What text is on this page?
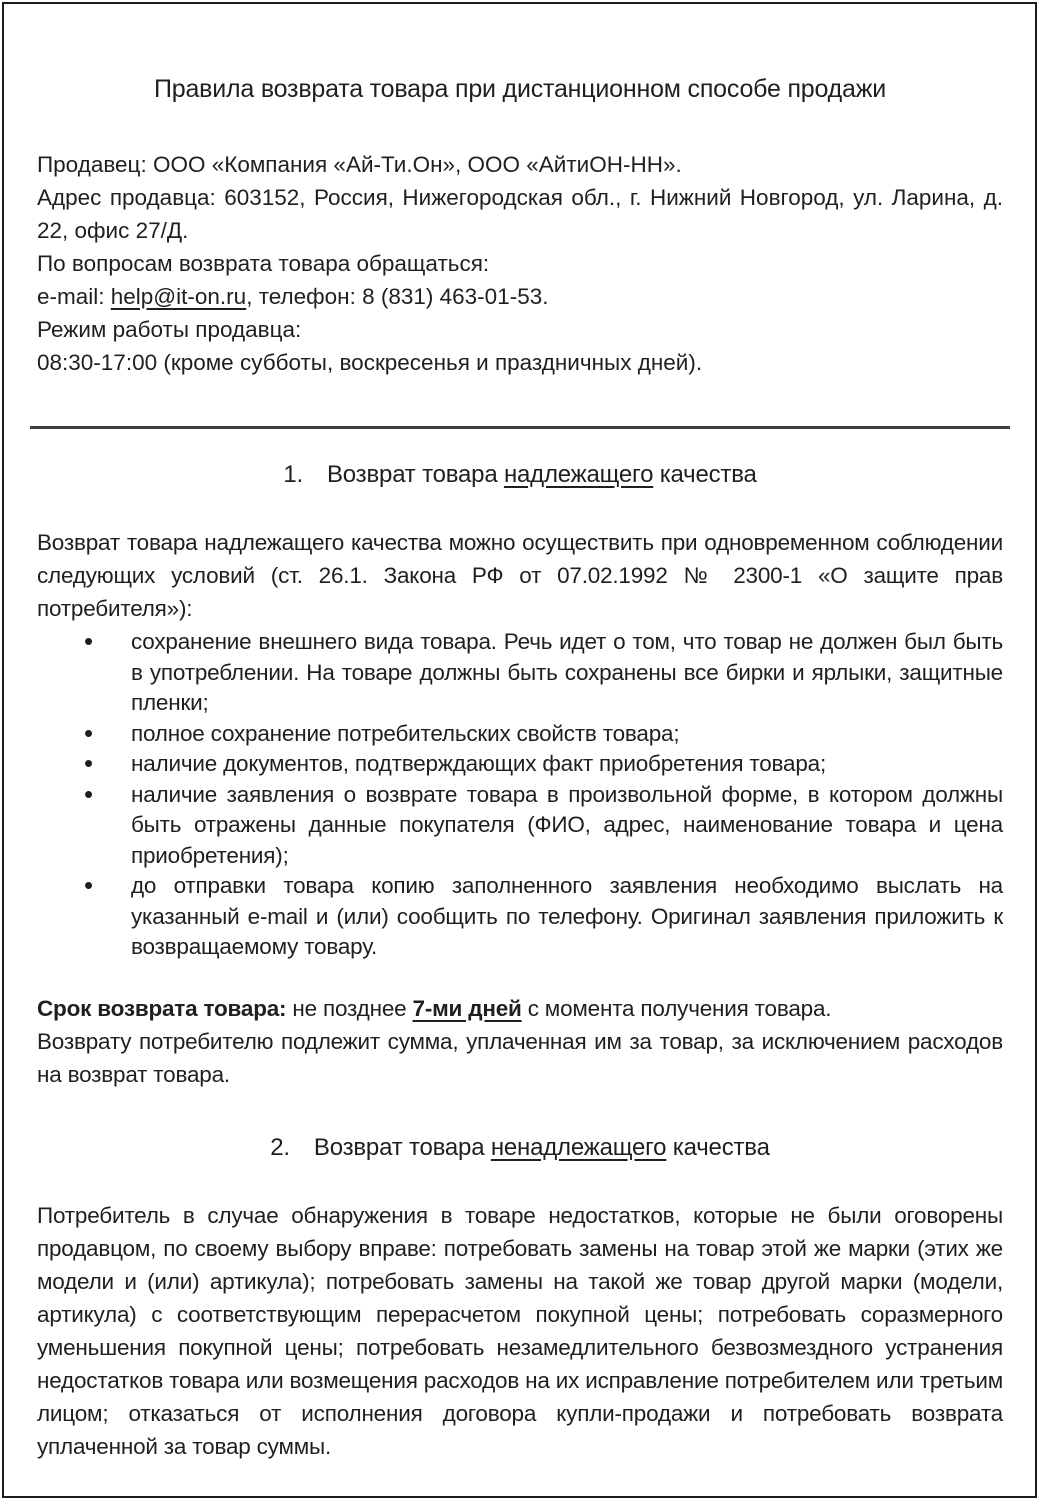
Правила возврата товара при дистанционном способе продажи

Продавец: ООО «Компания «Ай-Ти.Он», ООО «АйтиОН-НН».

Адрес продавца: 603152, Россия, Нижегородская обл., г. Нижний Новгород, ул. Ларина, д. 22, офис 27/Д.

По вопросам возврата товара обращаться:

e-mail: help@it-on.ru, телефон: 8 (831) 463-01-53.

Режим работы продавца:

08:30-17:00 (кроме субботы, воскресенья и праздничных дней).

1. Возврат товара надлежащего качества

Возврат товара надлежащего качества можно осуществить при одновременном соблюдении следующих условий (ст. 26.1. Закона РФ от 07.02.1992 № 2300-1 «О защите прав потребителя»):

• сохранение внешнего вида товара. Речь идет о том, что товар не должен был быть в употреблении. На товаре должны быть сохранены все бирки и ярлыки, защитные пленки;
• полное сохранение потребительских свойств товара;
• наличие документов, подтверждающих факт приобретения товара;
• наличие заявления о возврате товара в произвольной форме, в котором должны быть отражены данные покупателя (ФИО, адрес, наименование товара и цена приобретения);
• до отправки товара копию заполненного заявления необходимо выслать на указанный e-mail и (или) сообщить по телефону. Оригинал заявления приложить к возвращаемому товару.

Срок возврата товара: не позднее 7-ми дней с момента получения товара.

Возврату потребителю подлежит сумма, уплаченная им за товар, за исключением расходов на возврат товара.

2. Возврат товара ненадлежащего качества

Потребитель в случае обнаружения в товаре недостатков, которые не были оговорены продавцом, по своему выбору вправе: потребовать замены на товар этой же марки (этих же модели и (или) артикула); потребовать замены на такой же товар другой марки (модели, артикула) с соответствующим перерасчетом покупной цены; потребовать соразмерного уменьшения покупной цены; потребовать незамедлительного безвозмездного устранения недостатков товара или возмещения расходов на их исправление потребителем или третьим лицом; отказаться от исполнения договора купли-продажи и потребовать возврата уплаченной за товар суммы.
